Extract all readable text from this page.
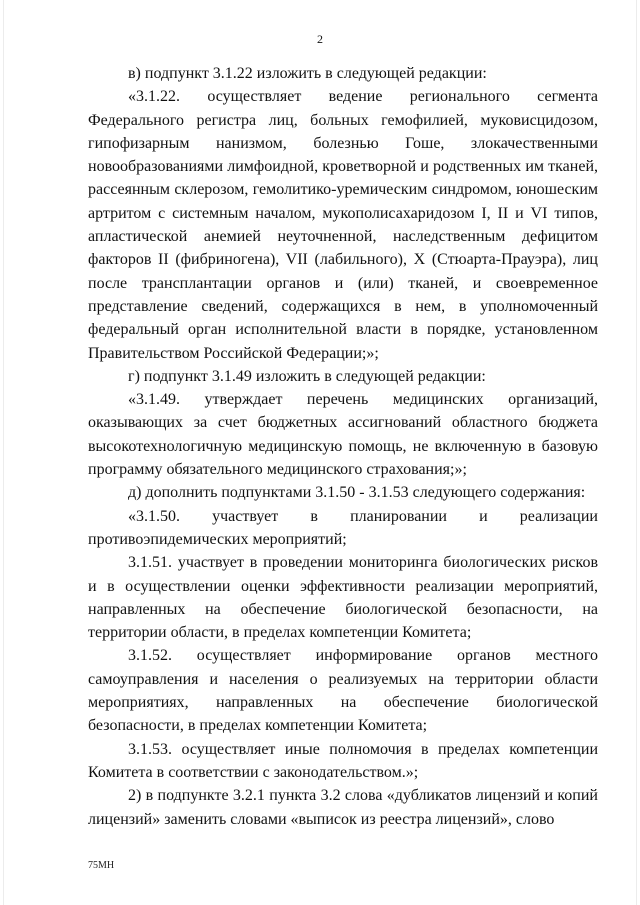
2

в) подпункт 3.1.22 изложить в следующей редакции:

«3.1.22. осуществляет ведение регионального сегмента Федерального регистра лиц, больных гемофилией, муковисцидозом, гипофизарным нанизмом, болезнью Гоше, злокачественными новообразованиями лимфоидной, кроветворной и родственных им тканей, рассеянным склерозом, гемолитико-уремическим синдромом, юношеским артритом с системным началом, мукополисахаридозом I, II и VI типов, апластической анемией неуточненной, наследственным дефицитом факторов II (фибриногена), VII (лабильного), X (Стюарта-Прауэра), лиц после трансплантации органов и (или) тканей, и своевременное представление сведений, содержащихся в нем, в уполномоченный федеральный орган исполнительной власти в порядке, установленном Правительством Российской Федерации;»;

г) подпункт 3.1.49 изложить в следующей редакции:

«3.1.49. утверждает перечень медицинских организаций, оказывающих за счет бюджетных ассигнований областного бюджета высокотехнологичную медицинскую помощь, не включенную в базовую программу обязательного медицинского страхования;»;

д) дополнить подпунктами 3.1.50 - 3.1.53 следующего содержания:

«3.1.50. участвует в планировании и реализации противоэпидемических мероприятий;

3.1.51. участвует в проведении мониторинга биологических рисков и в осуществлении оценки эффективности реализации мероприятий, направленных на обеспечение биологической безопасности, на территории области, в пределах компетенции Комитета;

3.1.52. осуществляет информирование органов местного самоуправления и населения о реализуемых на территории области мероприятиях, направленных на обеспечение биологической безопасности, в пределах компетенции Комитета;

3.1.53. осуществляет иные полномочия в пределах компетенции Комитета в соответствии с законодательством.»;

2) в подпункте 3.2.1 пункта 3.2 слова «дубликатов лицензий и копий лицензий» заменить словами «выписок из реестра лицензий», слово

75МН
